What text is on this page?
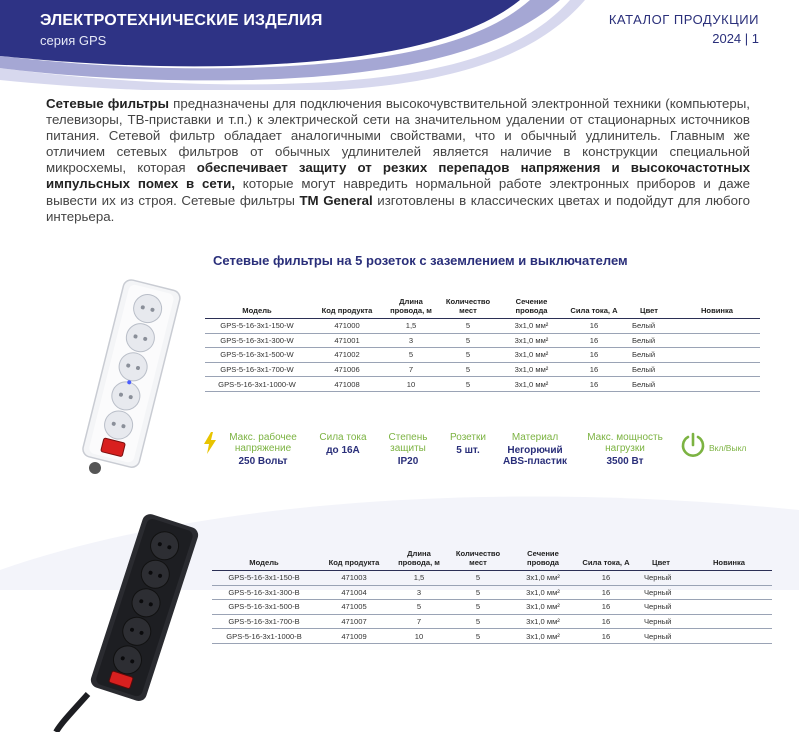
ЭЛЕКТРОТЕХНИЧЕСКИЕ ИЗДЕЛИЯ
серия GPS
КАТАЛОГ ПРОДУКЦИИ
2024 | 1
Сетевые фильтры предназначены для подключения высокочувствительной электронной техники (компьютеры, телевизоры, ТВ-приставки и т.п.) к электрической сети на значительном удалении от стационарных источников питания. Сетевой фильтр обладает аналогичными свойствами, что и обычный удлинитель. Главным же отличием сетевых фильтров от обычных удлинителей является наличие в конструкции специальной микросхемы, которая обеспечивает защиту от резких перепадов напряжения и высокочастотных импульсных помех в сети, которые могут навредить нормальной работе электронных приборов и даже вывести их из строя. Сетевые фильтры TM General изготовлены в классических цветах и подойдут для любого интерьера.
Сетевые фильтры на 5 розеток с заземлением и выключателем
Модель	Код продукта	Длина провода, м	Количество мест	Сечение провода	Сила тока, А	Цвет	Новинка
GPS-5-16-3x1-150-W	471000	1,5	5	3х1,0 мм²	16	Белый	
GPS-5-16-3x1-300-W	471001	3	5	3х1,0 мм²	16	Белый	
GPS-5-16-3x1-500-W	471002	5	5	3х1,0 мм²	16	Белый	
GPS-5-16-3x1-700-W	471006	7	5	3х1,0 мм²	16	Белый	
GPS-5-16-3x1-1000-W	471008	10	5	3х1,0 мм²	16	Белый	
Макс. рабочее напряжение
250 Вольт
Сила тока
до 16А
Степень защиты
IP20
Розетки
5 шт.
Материал
Негорючий ABS-пластик
Макс. мощность нагрузки
3500 Вт
Вкл/Выкл
Модель	Код продукта	Длина провода, м	Количество мест	Сечение провода	Сила тока, А	Цвет	Новинка
GPS-5-16-3x1-150-B	471003	1,5	5	3х1,0 мм²	16	Черный	
GPS-5-16-3x1-300-B	471004	3	5	3х1,0 мм²	16	Черный	
GPS-5-16-3x1-500-B	471005	5	5	3х1,0 мм²	16	Черный	
GPS-5-16-3x1-700-B	471007	7	5	3х1,0 мм²	16	Черный	
GPS-5-16-3x1-1000-B	471009	10	5	3х1,0 мм²	16	Черный	
